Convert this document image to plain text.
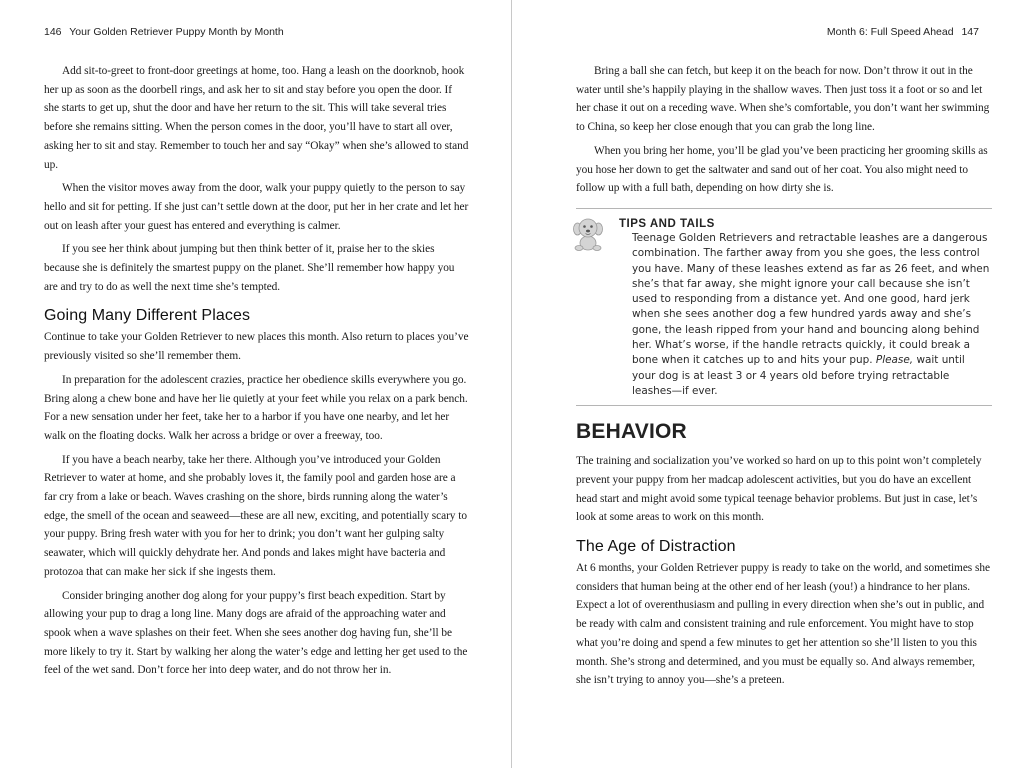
146 Your Golden Retriever Puppy Month by Month

Add sit-to-greet to front-door greetings at home, too. Hang a leash on the doorknob, hook her up as soon as the doorbell rings, and ask her to sit and stay before you open the door. If she starts to get up, shut the door and have her return to the sit. This will take several tries before she remains sitting. When the person comes in the door, you’ll have to start all over, asking her to sit and stay. Remember to touch her and say “Okay” when she’s allowed to stand up.

When the visitor moves away from the door, walk your puppy quietly to the person to say hello and sit for petting. If she just can’t settle down at the door, put her in her crate and let her out on leash after your guest has entered and everything is calmer.

If you see her think about jumping but then think better of it, praise her to the skies because she is definitely the smartest puppy on the planet. She’ll remember how happy you are and try to do as well the next time she’s tempted.

Going Many Different Places

Continue to take your Golden Retriever to new places this month. Also return to places you’ve previously visited so she’ll remember them.

In preparation for the adolescent crazies, practice her obedience skills everywhere you go. Bring along a chew bone and have her lie quietly at your feet while you relax on a park bench. For a new sensation under her feet, take her to a harbor if you have one nearby, and let her walk on the floating docks. Walk her across a bridge or over a freeway, too.

If you have a beach nearby, take her there. Although you’ve introduced your Golden Retriever to water at home, and she probably loves it, the family pool and garden hose are a far cry from a lake or beach. Waves crashing on the shore, birds running along the water’s edge, the smell of the ocean and seaweed—these are all new, exciting, and potentially scary to your puppy. Bring fresh water with you for her to drink; you don’t want her gulping salty seawater, which will quickly dehydrate her. And ponds and lakes might have bacteria and protozoa that can make her sick if she ingests them.

Consider bringing another dog along for your puppy’s first beach expedition. Start by allowing your pup to drag a long line. Many dogs are afraid of the approaching water and spook when a wave splashes on their feet. When she sees another dog having fun, she’ll be more likely to try it. Start by walking her along the water’s edge and letting her get used to the feel of the wet sand. Don’t force her into deep water, and do not throw her in.

Month 6: Full Speed Ahead 147

Bring a ball she can fetch, but keep it on the beach for now. Don’t throw it out in the water until she’s happily playing in the shallow waves. Then just toss it a foot or so and let her chase it out on a receding wave. When she’s comfortable, you don’t want her swimming to China, so keep her close enough that you can grab the long line.

When you bring her home, you’ll be glad you’ve been practicing her grooming skills as you hose her down to get the saltwater and sand out of her coat. You also might need to follow up with a full bath, depending on how dirty she is.

TIPS AND TAILS

Teenage Golden Retrievers and retractable leashes are a dangerous combination. The farther away from you she goes, the less control you have. Many of these leashes extend as far as 26 feet, and when she’s that far away, she might ignore your call because she isn’t used to responding from a distance yet. And one good, hard jerk when she sees another dog a few hundred yards away and she’s gone, the leash ripped from your hand and bouncing along behind her. What’s worse, if the handle retracts quickly, it could break a bone when it catches up to and hits your pup. Please, wait until your dog is at least 3 or 4 years old before trying retractable leashes—if ever.

BEHAVIOR

The training and socialization you’ve worked so hard on up to this point won’t completely prevent your puppy from her madcap adolescent activities, but you do have an excellent head start and might avoid some typical teenage behavior problems. But just in case, let’s look at some areas to work on this month.

The Age of Distraction

At 6 months, your Golden Retriever puppy is ready to take on the world, and sometimes she considers that human being at the other end of her leash (you!) a hindrance to her plans. Expect a lot of overenthusiasm and pulling in every direction when she’s out in public, and be ready with calm and consistent training and rule enforcement. You might have to stop what you’re doing and spend a few minutes to get her attention so she’ll listen to you this month. She’s strong and determined, and you must be equally so. And always remember, she isn’t trying to annoy you—she’s a preteen.
